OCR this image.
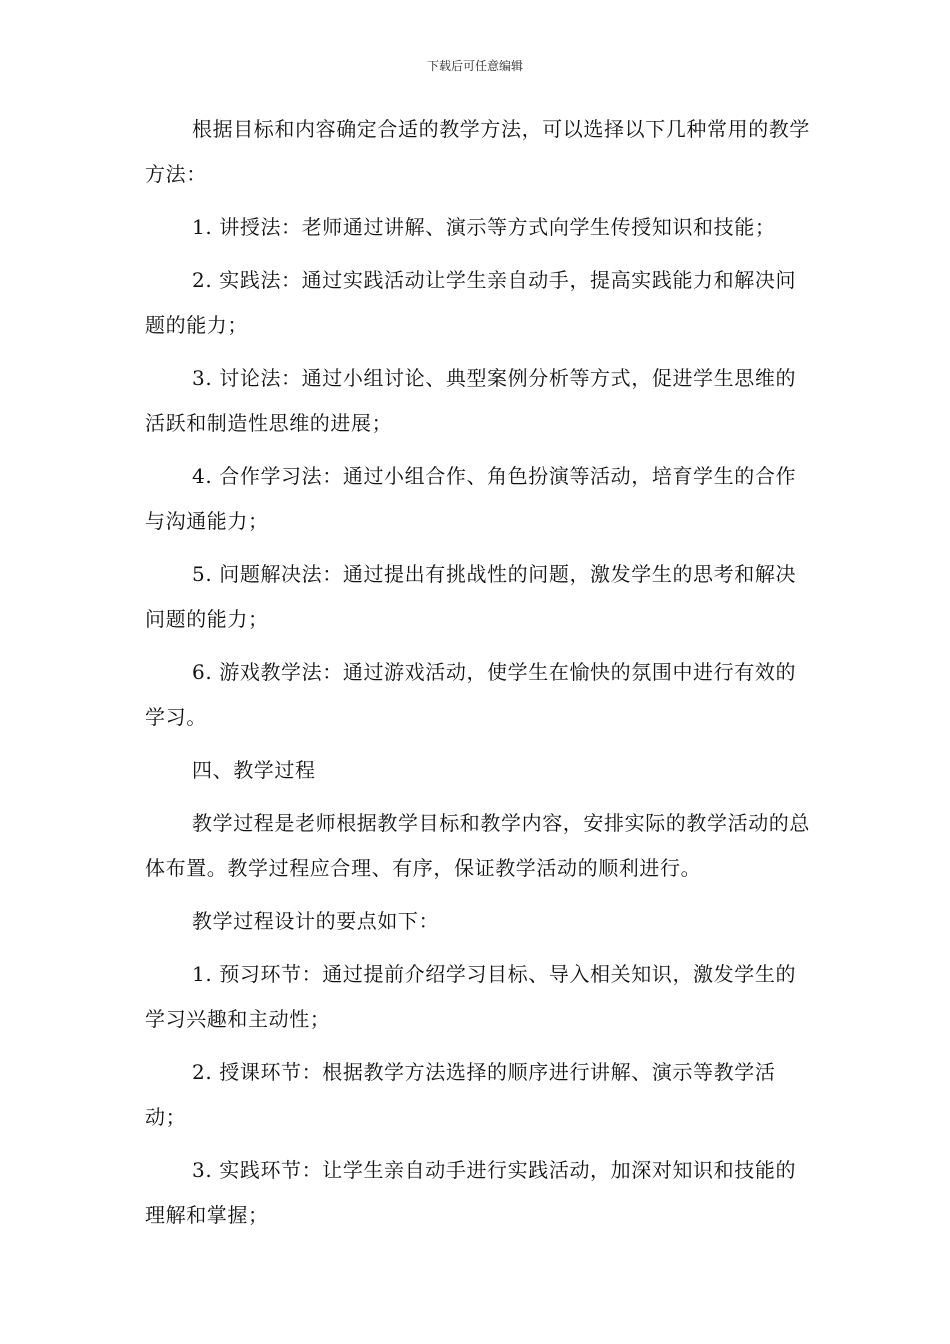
下载后可任意编辑

根据目标和内容确定合适的教学方法，可以选择以下几种常用的教学方法：

1. 讲授法：老师通过讲解、演示等方式向学生传授知识和技能；

2. 实践法：通过实践活动让学生亲自动手，提高实践能力和解决问题的能力；

3. 讨论法：通过小组讨论、典型案例分析等方式，促进学生思维的活跃和制造性思维的进展；

4. 合作学习法：通过小组合作、角色扮演等活动，培育学生的合作与沟通能力；

5. 问题解决法：通过提出有挑战性的问题，激发学生的思考和解决问题的能力；

6. 游戏教学法：通过游戏活动，使学生在愉快的氛围中进行有效的学习。

四、教学过程

教学过程是老师根据教学目标和教学内容，安排实际的教学活动的总体布置。教学过程应合理、有序，保证教学活动的顺利进行。

教学过程设计的要点如下：

1. 预习环节：通过提前介绍学习目标、导入相关知识，激发学生的学习兴趣和主动性；

2. 授课环节：根据教学方法选择的顺序进行讲解、演示等教学活动；

3. 实践环节：让学生亲自动手进行实践活动，加深对知识和技能的理解和掌握；
